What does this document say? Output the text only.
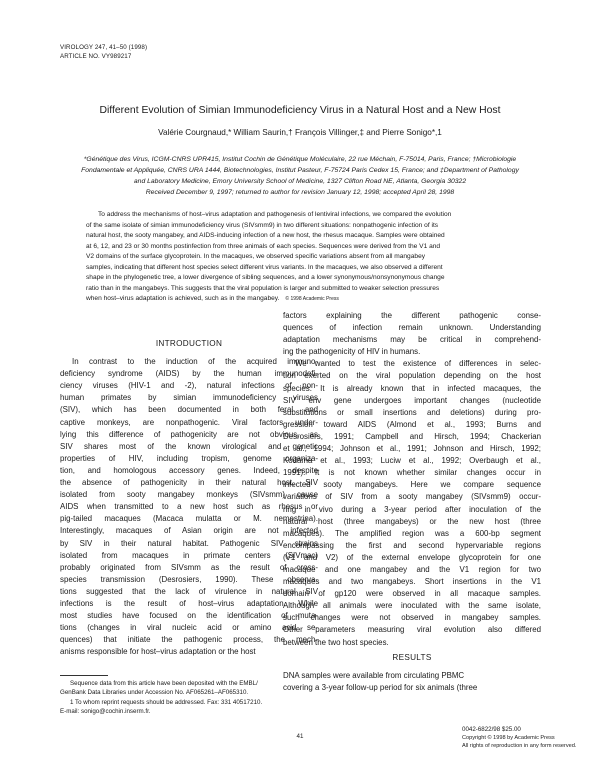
VIROLOGY 247, 41–50 (1998)
ARTICLE NO. VY989217
Different Evolution of Simian Immunodeficiency Virus in a Natural Host and a New Host
Valérie Courgnaud,* William Saurin,† François Villinger,‡ and Pierre Sonigo*,1
*Génétique des Virus, ICGM-CNRS UPR415, Institut Cochin de Génétique Moléculaire, 22 rue Méchain, F-75014, Paris, France; †Microbiologie
Fondamentale et Appliquée, CNRS URA 1444, Biotechnologies, Institut Pasteur, F-75724 Paris Cedex 15, France; and ‡Department of Pathology
and Laboratory Medicine, Emory University School of Medicine, 1327 Clifton Road NE, Atlanta, Georgia 30322
Received December 9, 1997; returned to author for revision January 12, 1998; accepted April 28, 1998
To address the mechanisms of host–virus adaptation and pathogenesis of lentiviral infections, we compared the evolution
of the same isolate of simian immunodeficiency virus (SIVsmm9) in two different situations: nonpathogenic infection of its
natural host, the sooty mangabey, and AIDS-inducing infection of a new host, the rhesus macaque. Samples were obtained
at 6, 12, and 23 or 30 months postinfection from three animals of each species. Sequences were derived from the V1 and
V2 domains of the surface glycoprotein. In the macaques, we observed specific variations absent from all mangabey
samples, indicating that different host species select different virus variants. In the macaques, we also observed a different
shape in the phylogenetic tree, a lower divergence of sibling sequences, and a lower synonymous/nonsynonymous change
ratio than in the mangabeys. This suggests that the viral population is larger and submitted to weaker selection pressures
when host–virus adaptation is achieved, such as in the mangabey. © 1998 Academic Press
INTRODUCTION
In contrast to the induction of the acquired immuno-
deficiency syndrome (AIDS) by the human immunodefi-
ciency viruses (HIV-1 and -2), natural infections of non-
human primates by simian immunodeficiency viruses
(SIV), which has been documented in both feral and
captive monkeys, are nonpathogenic. Viral factors under-
lying this difference of pathogenicity are not obvious, as
SIV shares most of the known virological and genetic
properties of HIV, including tropism, genome organiza-
tion, and homologous accessory genes. Indeed, despite
the absence of pathogenicity in their natural host, SIV
isolated from sooty mangabey monkeys (SIVsmm) cause
AIDS when transmitted to a new host such as rhesus or
pig-tailed macaques (Macaca mulatta or M. nemestrina).
Interestingly, macaques of Asian origin are not infected
by SIV in their natural habitat. Pathogenic SIV strains
isolated from macaques in primate centers (SIVmac)
probably originated from SIVsmm as the result of cross-
species transmission (Desrosiers, 1990). These observa-
tions suggested that the lack of virulence in natural SIV
infections is the result of host–virus adaptation. While
most studies have focused on the identification of muta-
tions (changes in viral nucleic acid or amino acid se-
quences) that initiate the pathogenic process, the mech-
anisms responsible for host–virus adaptation or the host
factors explaining the different pathogenic conse-
quences of infection remain unknown. Understanding
adaptation mechanisms may be critical in comprehend-
ing the pathogenicity of HIV in humans.
We wanted to test the existence of differences in selec-
tion exerted on the viral population depending on the host
species. It is already known that in infected macaques, the
SIV env gene undergoes important changes (nucleotide
substitutions or small insertions and deletions) during pro-
gression toward AIDS (Almond et al., 1993; Burns and
Desrosiers, 1991; Campbell and Hirsch, 1994; Chackerian
et al., 1994; Johnson et al., 1991; Johnson and Hirsch, 1992;
Kodama et al., 1993; Luciw et al., 1992; Overbaugh et al.,
1991). It is not known whether similar changes occur in
infected sooty mangabeys. Here we compare sequence
variations of SIV from a sooty mangabey (SIVsmm9) occur-
ring in vivo during a 3-year period after inoculation of the
natural host (three mangabeys) or the new host (three
macaques). The amplified region was a 600-bp segment
encompassing the first and second hypervariable regions
(V1 and V2) of the external envelope glycoprotein for one
macaque and one mangabey and the V1 region for two
macaques and two mangabeys. Short insertions in the V1
domain of gp120 were observed in all macaque samples.
Although all animals were inoculated with the same isolate,
such changes were not observed in mangabey samples.
Other parameters measuring viral evolution also differed
between the two host species.
RESULTS
DNA samples were available from circulating PBMC
covering a 3-year follow-up period for six animals (three
Sequence data from this article have been deposited with the EMBL/
GenBank Data Libraries under Accession No. AF065261–AF065310.
1 To whom reprint requests should be addressed. Fax: 331 40517210.
E-mail: sonigo@cochin.inserm.fr.
41
0042-6822/98 $25.00
Copyright © 1998 by Academic Press
All rights of reproduction in any form reserved.
